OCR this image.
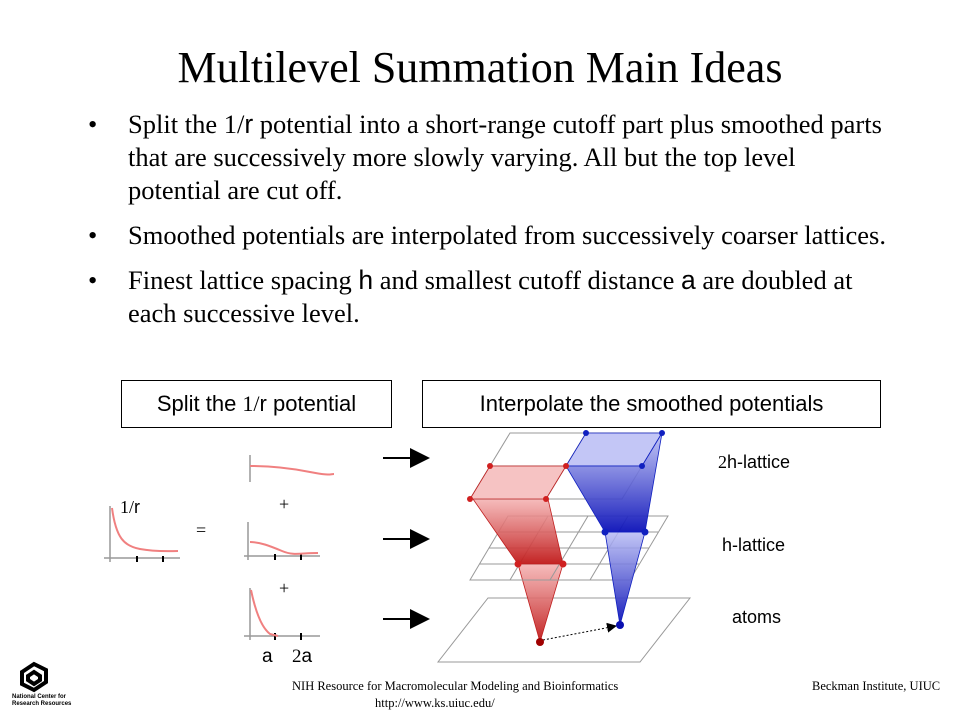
Multilevel Summation Main Ideas
• Split the 1/r potential into a short-range cutoff part plus smoothed parts that are successively more slowly varying. All but the top level potential are cut off.
• Smoothed potentials are interpolated from successively coarser lattices.
• Finest lattice spacing h and smallest cutoff distance a are doubled at each successive level.
Split the 1/r potential	Interpolate the smoothed potentials
1/r
=
+
+
a 2a
2h-lattice
h-lattice
atoms
NIH Resource for Macromolecular Modeling and Bioinformatics
http://www.ks.uiuc.edu/
Beckman Institute, UIUC
National Center for Research Resources
